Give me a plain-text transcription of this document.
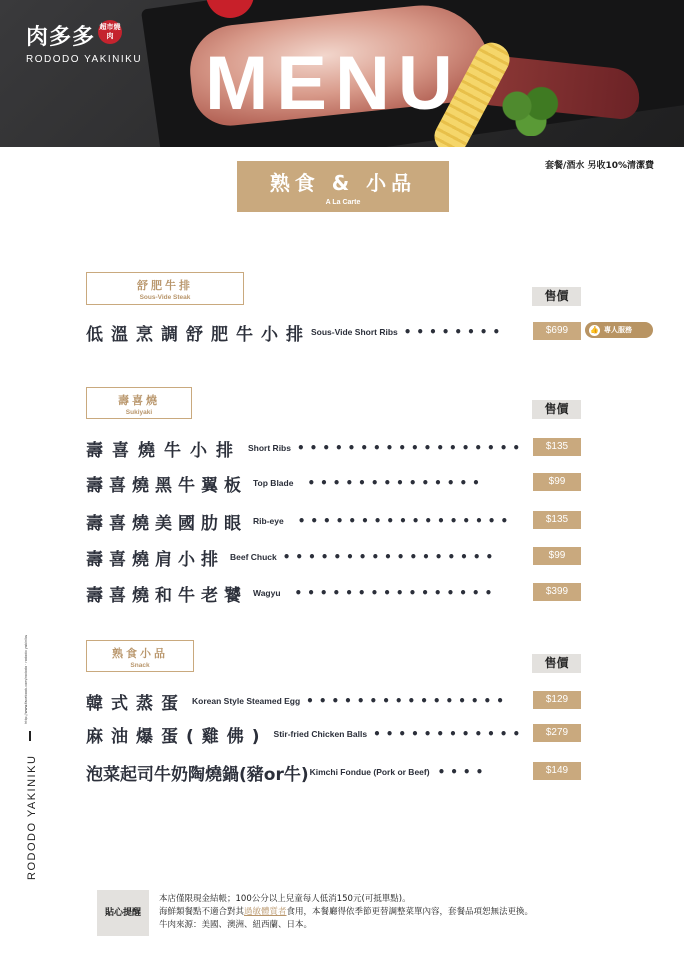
MENU
肉多多 超市燒肉
RODODO YAKINIKU
套餐/酒水 另收10%清潔費
熟食 & 小品
A La Carte
舒肥牛排
Sous-Vide Steak	售價
低溫烹調舒肥牛小排 Sous-Vide Short Ribs ••••••••	$699	👍 專人服務
壽喜燒
Sukiyaki	售價
壽喜燒牛小排 Short Ribs ••••••••••••••••••	$135
壽喜燒黑牛翼板 Top Blade ••••••••••••••	$99
壽喜燒美國肋眼 Rib-eye •••••••••••••••••	$135
壽喜燒肩小排 Beef Chuck •••••••••••••••••	$99
壽喜燒和牛老饕 Wagyu ••••••••••••••••	$399
熟食小品
Snack	售價
韓式蒸蛋 Korean Style Steamed Egg ••••••••••••••••	$129
麻油爆蛋(雞佛) Stir-fried Chicken Balls ••••••••••••	$279
泡菜起司牛奶陶燒鍋(豬or牛) Kimchi Fondue (Pork or Beef) ••••	$149
http://www.facebook.com/rododo · rododo yakiniku
RODODO YAKINIKU
貼心提醒
本店僅限現金結帳；100公分以上兒童每人低消150元(可抵單點)。
海鮮類餐點不適合對其過敏體質者食用，本餐廳得依季節更替調整菜單內容，套餐品項恕無法更換。
牛肉來源：美國、澳洲、紐西蘭、日本。
